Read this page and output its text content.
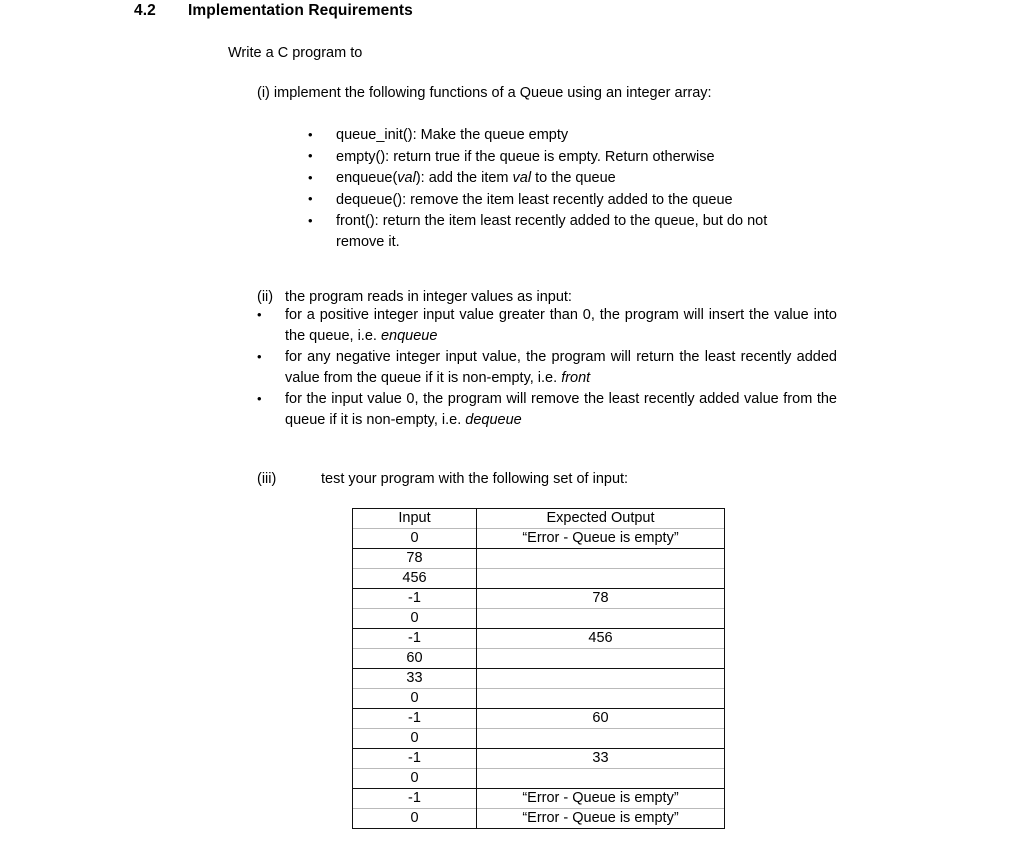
4.2 Implementation Requirements
Write a C program to
(i) implement the following functions of a Queue using an integer array:
• queue_init(): Make the queue empty
• empty(): return true if the queue is empty. Return otherwise
• enqueue(val): add the item val to the queue
• dequeue(): remove the item least recently added to the queue
• front(): return the item least recently added to the queue, but do not
remove it.
(ii) the program reads in integer values as input:
• for a positive integer input value greater than 0, the program will insert the value into the queue, i.e. enqueue
• for any negative integer input value, the program will return the least recently added value from the queue if it is non-empty, i.e. front
• for the input value 0, the program will remove the least recently added value from the queue if it is non-empty, i.e. dequeue
(iii)	test your program with the following set of input:
Input	Expected Output
0	“Error - Queue is empty”
78	
456	
-1	78
0	
-1	456
60	
33	
0	
-1	60
0	
-1	33
0	
-1	“Error - Queue is empty”
0	“Error - Queue is empty”
